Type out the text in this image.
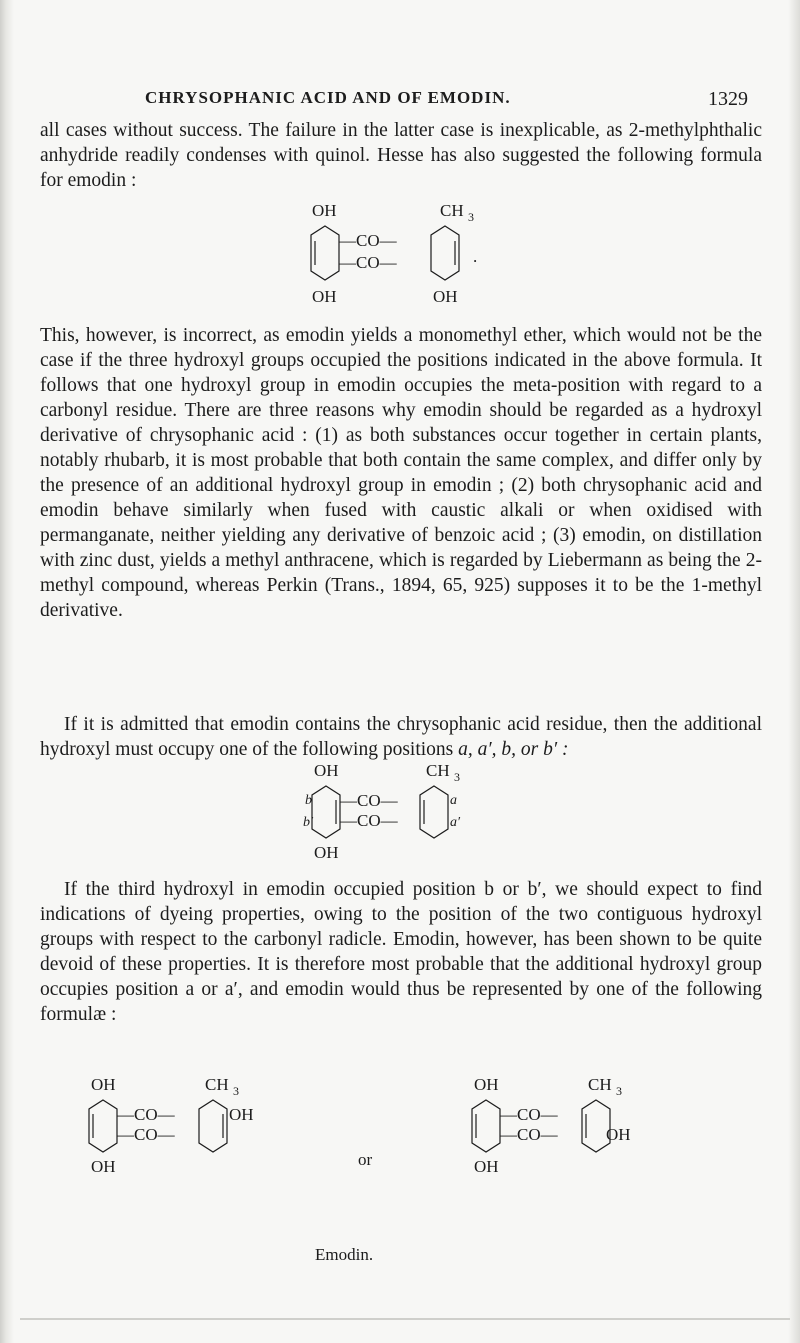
CHRYSOPHANIC ACID AND OF EMODIN.	1329

all cases without success. The failure in the latter case is inexplicable, as 2-methylphthalic anhydride readily condenses with quinol. Hesse has also suggested the following formula for emodin :

OH	CH 3
—CO—
—CO—	.
OH	OH

This, however, is incorrect, as emodin yields a monomethyl ether, which would not be the case if the three hydroxyl groups occupied the positions indicated in the above formula. It follows that one hydroxyl group in emodin occupies the meta-position with regard to a carbonyl residue. There are three reasons why emodin should be regarded as a hydroxyl derivative of chrysophanic acid : (1) as both substances occur together in certain plants, notably rhubarb, it is most probable that both contain the same complex, and differ only by the presence of an additional hydroxyl group in emodin ; (2) both chrysophanic acid and emodin behave similarly when fused with caustic alkali or when oxidised with permanganate, neither yielding any derivative of benzoic acid ; (3) emodin, on distillation with zinc dust, yields a methyl anthracene, which is regarded by Liebermann as being the 2-methyl compound, whereas Perkin (Trans., 1894, 65, 925) supposes it to be the 1-methyl derivative.

If it is admitted that emodin contains the chrysophanic acid residue, then the additional hydroxyl must occupy one of the following positions a, a′, b, or b′ :

OH	CH 3
b
b′
a
a′
—CO—
—CO—
OH

If the third hydroxyl in emodin occupied position b or b′, we should expect to find indications of dyeing properties, owing to the position of the two contiguous hydroxyl groups with respect to the carbonyl radicle. Emodin, however, has been shown to be quite devoid of these properties. It is therefore most probable that the additional hydroxyl group occupies position a or a′, and emodin would thus be represented by one of the following formulæ :

OH	CH 3
—CO—
—CO—
OH
OH	or

OH	CH 3
—CO—
—CO—	OH
OH

Emodin.
